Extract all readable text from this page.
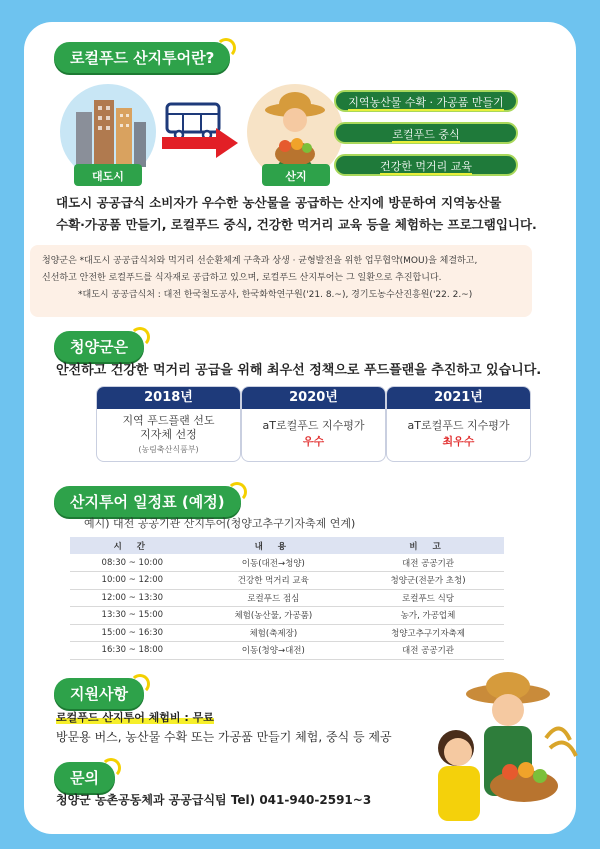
로컬푸드 산지투어란?
대도시	산지
지역농산물 수확 · 가공품 만들기
로컬푸드 중식
건강한 먹거리 교육
대도시 공공급식 소비자가 우수한 농산물을 공급하는 산지에 방문하여 지역농산물
수확·가공품 만들기, 로컬푸드 중식, 건강한 먹거리 교육 등을 체험하는 프로그램입니다.
청양군은 *대도시 공공급식처와 먹거리 선순환체계 구축과 상생 · 균형발전을 위한 업무협약(MOU)을 체결하고,
신선하고 안전한 로컬푸드를 식자재로 공급하고 있으며, 로컬푸드 산지투어는 그 일환으로 추진합니다.
*대도시 공공급식처 : 대전 한국철도공사, 한국화학연구원('21. 8.~), 경기도농수산진흥원('22. 2.~)
청양군은
안전하고 건강한 먹거리 공급을 위해 최우선 정책으로 푸드플랜을 추진하고 있습니다.
2018년
지역 푸드플랜 선도
지자체 선정
(농림축산식품부)
2020년
aT로컬푸드 지수평가
우수
2021년
aT로컬푸드 지수평가
최우수
산지투어 일정표 (예정)
예시) 대전 공공기관 산지투어(청양고추구기자축제 연계)
시 간	내 용	비 고
08:30 ~ 10:00	이동(대전→청양)	대전 공공기관
10:00 ~ 12:00	건강한 먹거리 교육	청양군(전문가 초청)
12:00 ~ 13:30	로컬푸드 점심	로컬푸드 식당
13:30 ~ 15:00	체험(농산물, 가공품)	농가, 가공업체
15:00 ~ 16:30	체험(축제장)	청양고추구기자축제
16:30 ~ 18:00	이동(청양→대전)	대전 공공기관
지원사항
로컬푸드 산지투어 체험비 : 무료
방문용 버스, 농산물 수확 또는 가공품 만들기 체험, 중식 등 제공
문의
청양군 농촌공동체과 공공급식팀 Tel) 041-940-2591~3
